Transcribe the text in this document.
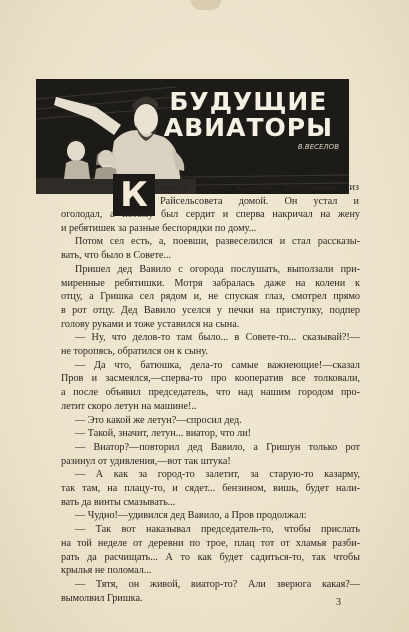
БУДУЩИЕ
АВИАТОРЫ
В.ВЕСЕЛОВ
К	вечеру Пров Кузьмин возвратился из
Райсельсовета домой. Он устал и
оголодал, а потому был сердит и сперва накричал на жену
и ребятишек за разные беспорядки по дому...
Потом сел есть, а, поевши, развеселился и стал рассказы-
вать, что было в Совете...
Пришел дед Вавило с огорода послушать, выползали при-
миренные ребятишки. Мотря забралась даже на колени к
отцу, а Гришка сел рядом и, не спуская глаз, смотрел прямо
в рот отцу. Дед Вавило уселся у печки на приступку, подпер
голову руками и тоже уставился на сына.
— Ну, что делов-то там было... в Совете-то... сказывай?!—
не торопясь, обратился он к сыну.
— Да что, батюшка, дела-то самые важнеющие!—сказал
Пров и засмеялся,—сперва-то про кооператив все толковали,
а после объявил председатель, что над нашим городом про-
летит скоро летун на машине!..
— Это какой же летун?—спросил дед.
— Такой, значит, летун... виатор, что ли!
— Виатор?—повторил дед Вавило, а Гришун только рот
разинул от удивления,—вот так штука!
— А как за город-то залетит, за старую-то казарму,
так там, на плацу-то, и сядет... бензином, вишь, будет нали-
вать да винты смазывать...
— Чудно!—удивился дед Вавило, а Пров продолжал:
— Так вот наказывал председатель-то, чтобы прислать
на той неделе от деревни по трое, плац тот от хламья разби-
рать да расчищать... А то как будет садиться-то, так чтобы
крылья не поломал...
— Тятя, он живой, виатор-то? Али зверюга какая?—
вымолвил Гришка.	3
